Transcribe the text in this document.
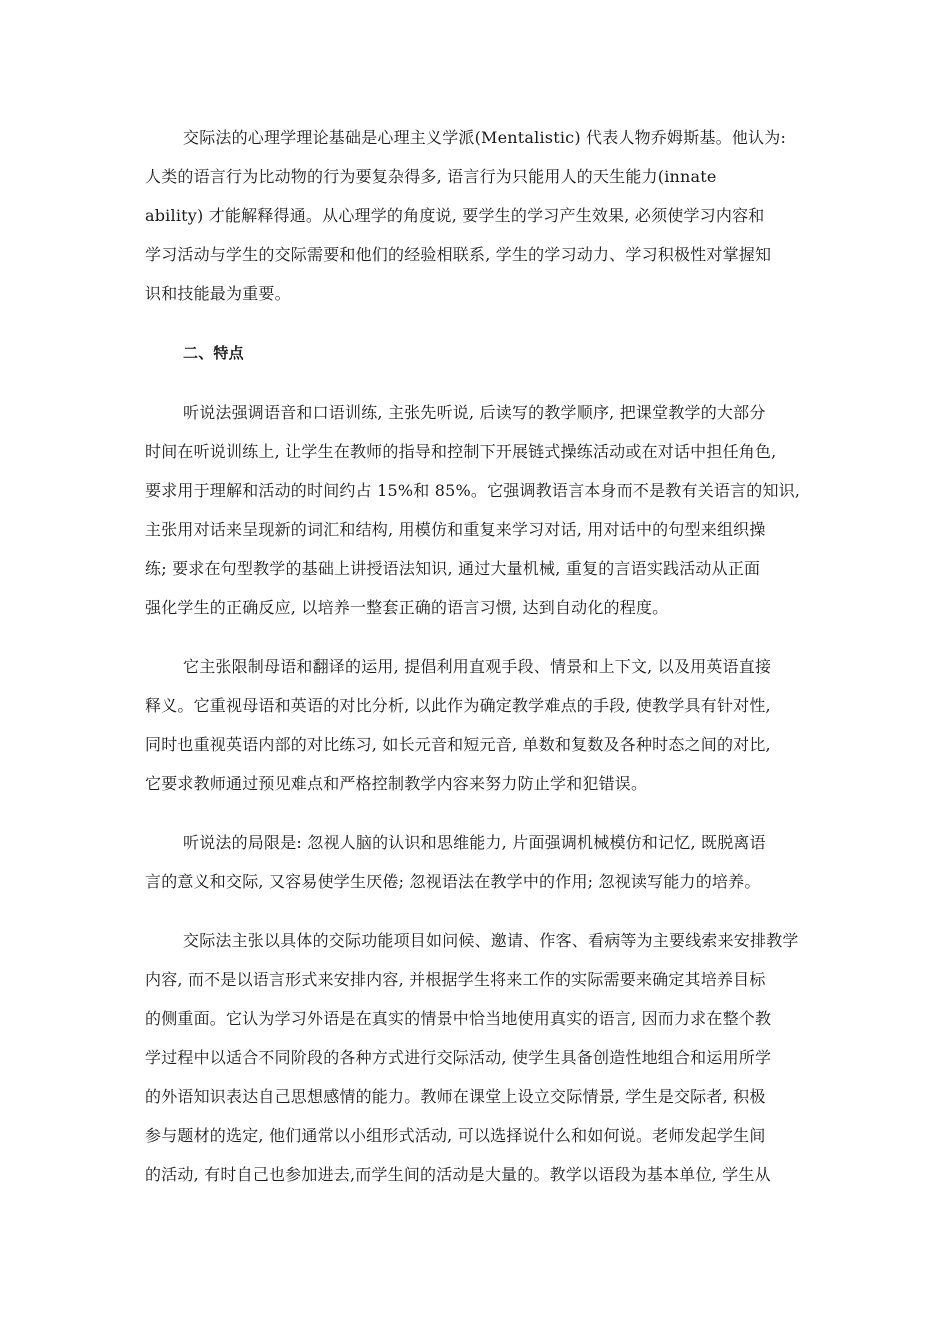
交际法的心理学理论基础是心理主义学派(Mentalistic) 代表人物乔姆斯基。他认为:
人类的语言行为比动物的行为要复杂得多, 语言行为只能用人的天生能力(innate
ability) 才能解释得通。从心理学的角度说, 要学生的学习产生效果, 必须使学习内容和
学习活动与学生的交际需要和他们的经验相联系, 学生的学习动力、学习积极性对掌握知
识和技能最为重要。
二、特点
听说法强调语音和口语训练, 主张先听说, 后读写的教学顺序, 把课堂教学的大部分
时间在听说训练上, 让学生在教师的指导和控制下开展链式操练活动或在对话中担任角色,
要求用于理解和活动的时间约占 15%和 85%。它强调教语言本身而不是教有关语言的知识,
主张用对话来呈现新的词汇和结构, 用模仿和重复来学习对话, 用对话中的句型来组织操
练; 要求在句型教学的基础上讲授语法知识, 通过大量机械, 重复的言语实践活动从正面
强化学生的正确反应, 以培养一整套正确的语言习惯, 达到自动化的程度。
它主张限制母语和翻译的运用, 提倡利用直观手段、情景和上下文, 以及用英语直接
释义。它重视母语和英语的对比分析, 以此作为确定教学难点的手段, 使教学具有针对性,
同时也重视英语内部的对比练习, 如长元音和短元音, 单数和复数及各种时态之间的对比,
它要求教师通过预见难点和严格控制教学内容来努力防止学和犯错误。
听说法的局限是: 忽视人脑的认识和思维能力, 片面强调机械模仿和记忆, 既脱离语
言的意义和交际, 又容易使学生厌倦; 忽视语法在教学中的作用; 忽视读写能力的培养。
交际法主张以具体的交际功能项目如问候、邀请、作客、看病等为主要线索来安排教学
内容, 而不是以语言形式来安排内容, 并根据学生将来工作的实际需要来确定其培养目标
的侧重面。它认为学习外语是在真实的情景中恰当地使用真实的语言, 因而力求在整个教
学过程中以适合不同阶段的各种方式进行交际活动, 使学生具备创造性地组合和运用所学
的外语知识表达自己思想感情的能力。教师在课堂上设立交际情景, 学生是交际者, 积极
参与题材的选定, 他们通常以小组形式活动, 可以选择说什么和如何说。老师发起学生间
的活动, 有时自己也参加进去,而学生间的活动是大量的。教学以语段为基本单位, 学生从
